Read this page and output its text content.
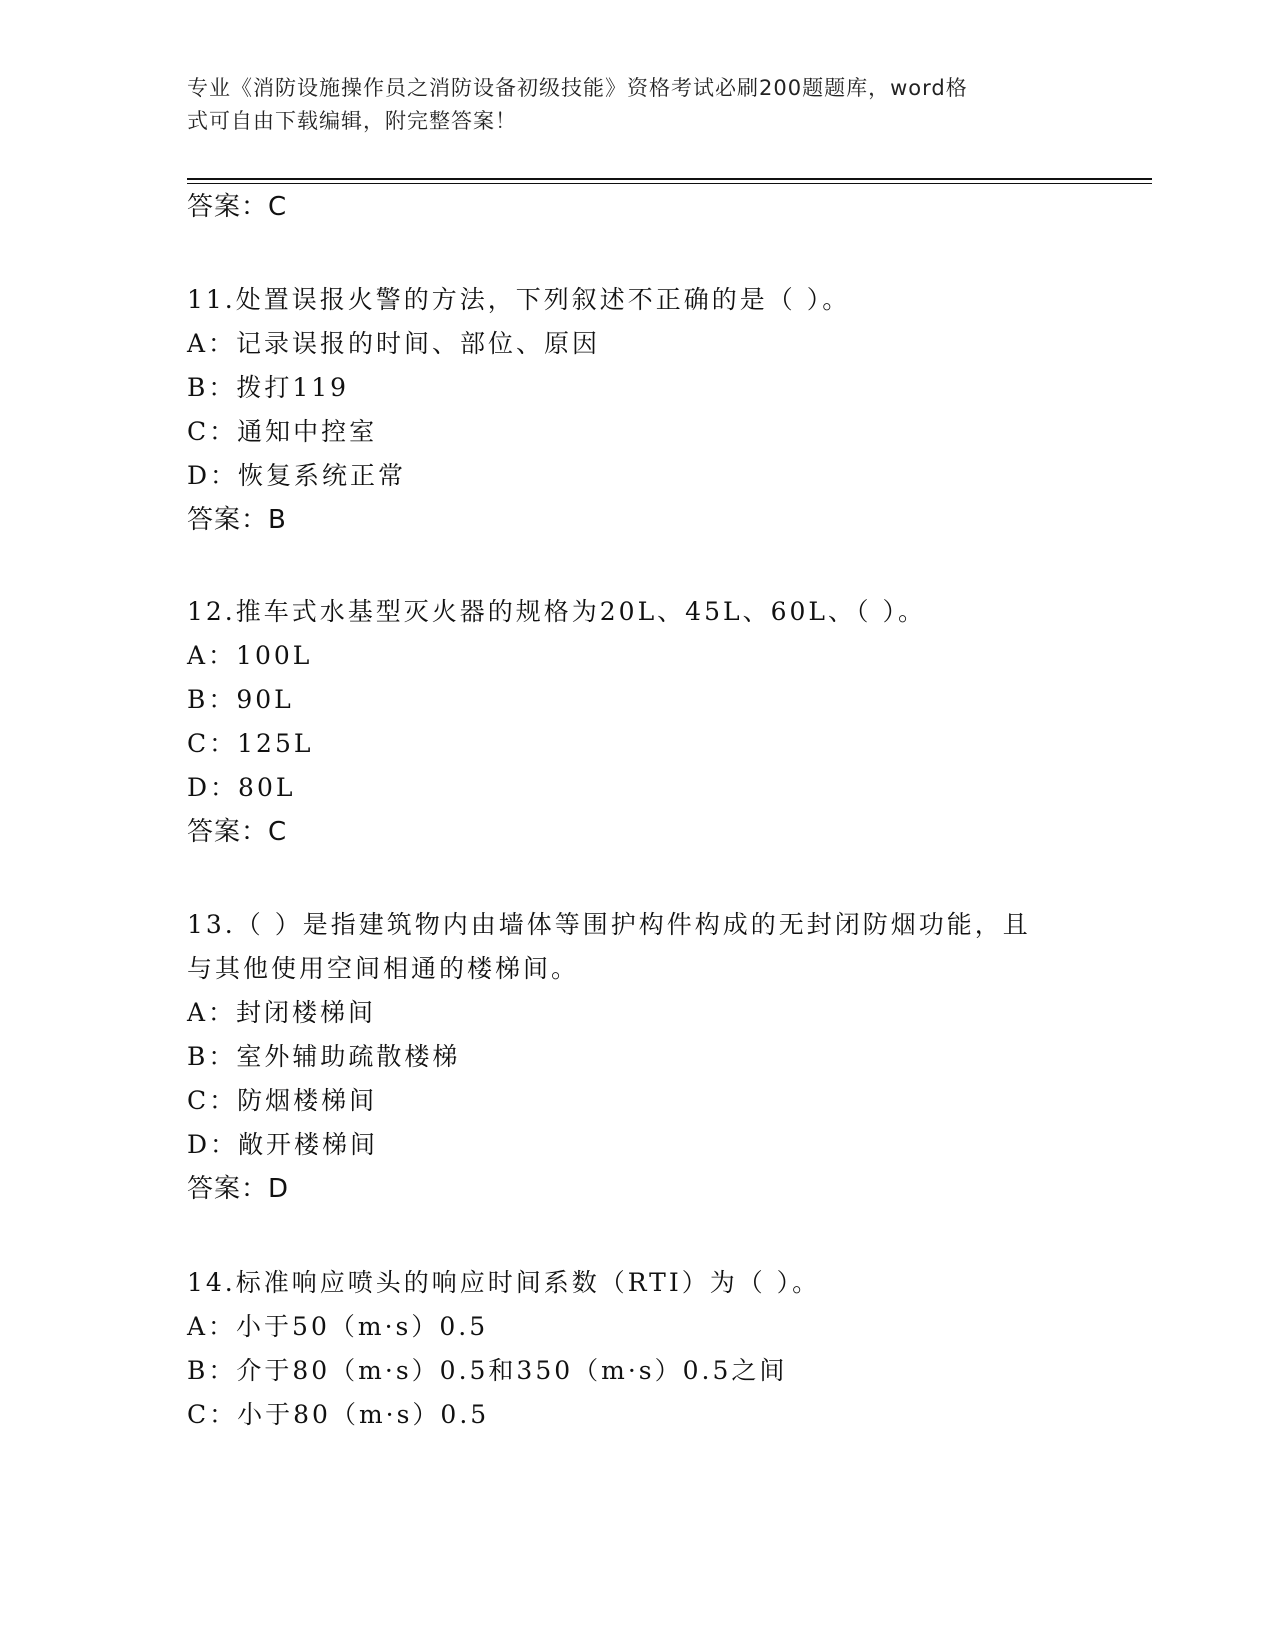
专业《消防设施操作员之消防设备初级技能》资格考试必刷200题题库，word格
式可自由下载编辑，附完整答案！
答案：C
11.处置误报火警的方法，下列叙述不正确的是（ ）。
A：记录误报的时间、部位、原因
B：拨打119
C：通知中控室
D：恢复系统正常
答案：B
12.推车式水基型灭火器的规格为20L、45L、60L、（ ）。
A：100L
B：90L
C：125L
D：80L
答案：C
13.（ ）是指建筑物内由墙体等围护构件构成的无封闭防烟功能，且
与其他使用空间相通的楼梯间。
A：封闭楼梯间
B：室外辅助疏散楼梯
C：防烟楼梯间
D：敞开楼梯间
答案：D
14.标准响应喷头的响应时间系数（RTI）为（ ）。
A：小于50（m·s）0.5
B：介于80（m·s）0.5和350（m·s）0.5之间
C：小于80（m·s）0.5
